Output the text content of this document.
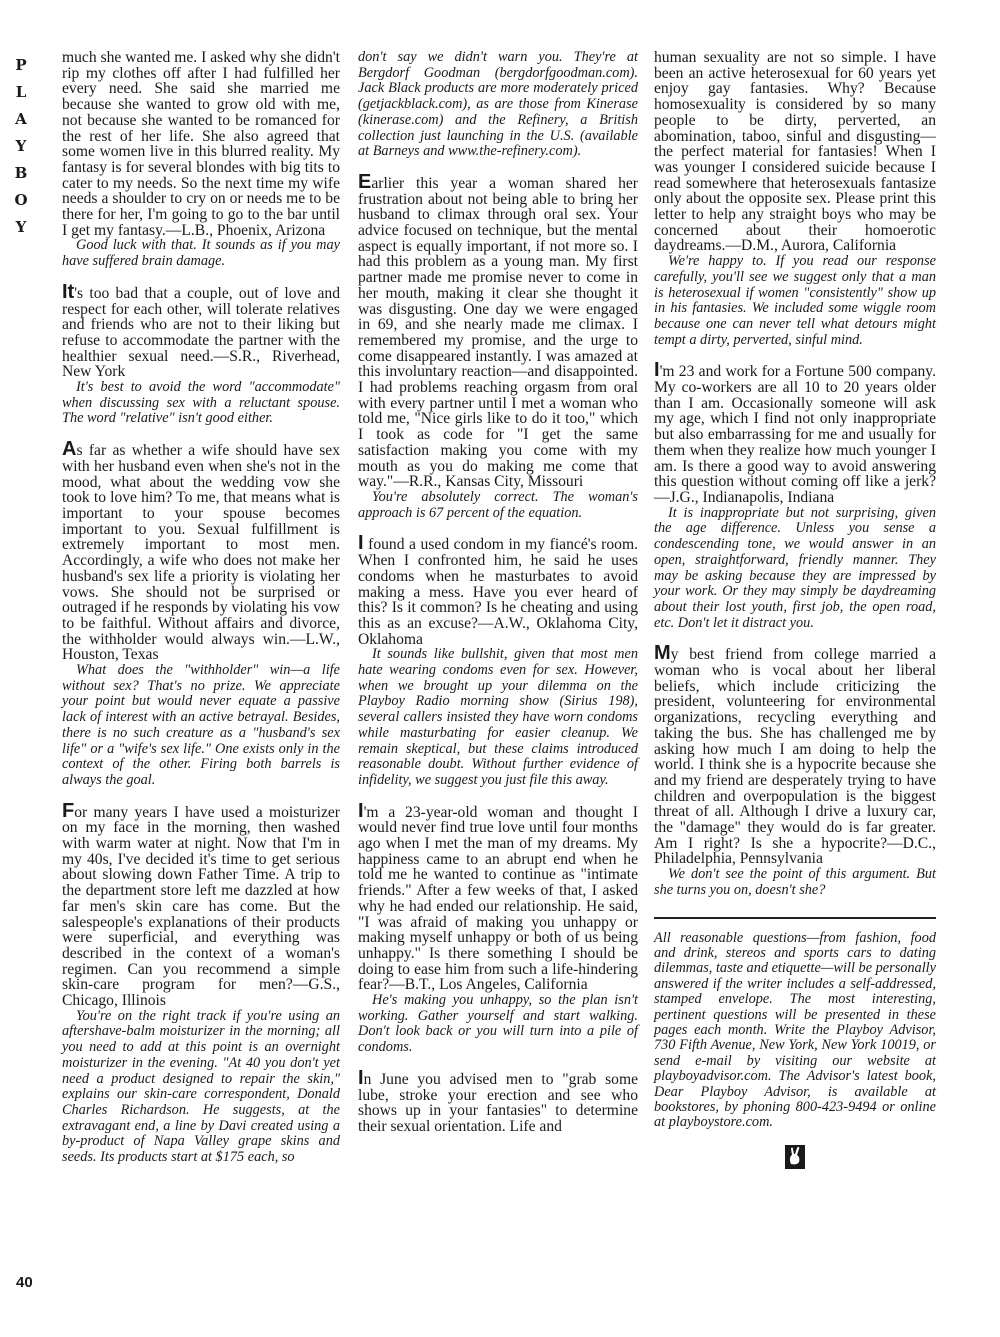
P
L
A
Y
B
O
Y
40

much she wanted me. I asked why she didn't rip my clothes off after I had fulfilled her every need. She said she married me because she wanted to grow old with me, not because she wanted to be romanced for the rest of her life. She also agreed that some women live in this blurred reality. My fantasy is for several blondes with big tits to cater to my needs. So the next time my wife needs a shoulder to cry on or needs me to be there for her, I'm going to go to the bar until I get my fantasy.—L.B., Phoenix, Arizona

Good luck with that. It sounds as if you may have suffered brain damage.

It's too bad that a couple, out of love and respect for each other, will tolerate relatives and friends who are not to their liking but refuse to accommodate the partner with the healthier sexual need.—S.R., Riverhead, New York

It's best to avoid the word "accommodate" when discussing sex with a reluctant spouse. The word "relative" isn't good either.

As far as whether a wife should have sex with her husband even when she's not in the mood, what about the wedding vow she took to love him? To me, that means what is important to your spouse becomes important to you. Sexual fulfillment is extremely important to most men. Accordingly, a wife who does not make her husband's sex life a priority is violating her vows. She should not be surprised or outraged if he responds by violating his vow to be faithful. Without affairs and divorce, the withholder would always win.—L.W., Houston, Texas

What does the "withholder" win—a life without sex? That's no prize. We appreciate your point but would never equate a passive lack of interest with an active betrayal. Besides, there is no such creature as a "husband's sex life" or a "wife's sex life." One exists only in the context of the other. Firing both barrels is always the goal.

For many years I have used a moisturizer on my face in the morning, then washed with warm water at night. Now that I'm in my 40s, I've decided it's time to get serious about slowing down Father Time. A trip to the department store left me dazzled at how far men's skin care has come. But the salespeople's explanations of their products were superficial, and everything was described in the context of a woman's regimen. Can you recommend a simple skin-care program for men?—G.S., Chicago, Illinois

You're on the right track if you're using an aftershave-balm moisturizer in the morning; all you need to add at this point is an overnight moisturizer in the evening. "At 40 you don't yet need a product designed to repair the skin," explains our skin-care correspondent, Donald Charles Richardson. He suggests, at the extravagant end, a line by Davi created using a by-product of Napa Valley grape skins and seeds. Its products start at $175 each, so

don't say we didn't warn you. They're at Bergdorf Goodman (bergdorfgoodman.com). Jack Black products are more moderately priced (getjackblack.com), as are those from Kinerase (kinerase.com) and the Refinery, a British collection just launching in the U.S. (available at Barneys and www.the-refinery.com).

Earlier this year a woman shared her frustration about not being able to bring her husband to climax through oral sex. Your advice focused on technique, but the mental aspect is equally important, if not more so. I had this problem as a young man. My first partner made me promise never to come in her mouth, making it clear she thought it was disgusting. One day we were engaged in 69, and she nearly made me climax. I remembered my promise, and the urge to come disappeared instantly. I was amazed at this involuntary reaction—and disappointed. I had problems reaching orgasm from oral with every partner until I met a woman who told me, "Nice girls like to do it too," which I took as code for "I get the same satisfaction making you come with my mouth as you do making me come that way."—R.R., Kansas City, Missouri

You're absolutely correct. The woman's approach is 67 percent of the equation.

I found a used condom in my fiancé's room. When I confronted him, he said he uses condoms when he masturbates to avoid making a mess. Have you ever heard of this? Is it common? Is he cheating and using this as an excuse?—A.W., Oklahoma City, Oklahoma

It sounds like bullshit, given that most men hate wearing condoms even for sex. However, when we brought up your dilemma on the Playboy Radio morning show (Sirius 198), several callers insisted they have worn condoms while masturbating for easier cleanup. We remain skeptical, but these claims introduced reasonable doubt. Without further evidence of infidelity, we suggest you just file this away.

I'm a 23-year-old woman and thought I would never find true love until four months ago when I met the man of my dreams. My happiness came to an abrupt end when he told me he wanted to continue as "intimate friends." After a few weeks of that, I asked why he had ended our relationship. He said, "I was afraid of making you unhappy or making myself unhappy or both of us being unhappy." Is there something I should be doing to ease him from such a life-hindering fear?—B.T., Los Angeles, California

He's making you unhappy, so the plan isn't working. Gather yourself and start walking. Don't look back or you will turn into a pile of condoms.

In June you advised men to "grab some lube, stroke your erection and see who shows up in your fantasies" to determine their sexual orientation. Life and

human sexuality are not so simple. I have been an active heterosexual for 60 years yet enjoy gay fantasies. Why? Because homosexuality is considered by so many people to be dirty, perverted, an abomination, taboo, sinful and disgusting—the perfect material for fantasies! When I was younger I considered suicide because I read somewhere that heterosexuals fantasize only about the opposite sex. Please print this letter to help any straight boys who may be concerned about their homoerotic daydreams.—D.M., Aurora, California

We're happy to. If you read our response carefully, you'll see we suggest only that a man is heterosexual if women "consistently" show up in his fantasies. We included some wiggle room because one can never tell what detours might tempt a dirty, perverted, sinful mind.

I'm 23 and work for a Fortune 500 company. My co-workers are all 10 to 20 years older than I am. Occasionally someone will ask my age, which I find not only inappropriate but also embarrassing for me and usually for them when they realize how much younger I am. Is there a good way to avoid answering this question without coming off like a jerk?—J.G., Indianapolis, Indiana

It is inappropriate but not surprising, given the age difference. Unless you sense a condescending tone, we would answer in an open, straightforward, friendly manner. They may be asking because they are impressed by your work. Or they may simply be daydreaming about their lost youth, first job, the open road, etc. Don't let it distract you.

My best friend from college married a woman who is vocal about her liberal beliefs, which include criticizing the president, volunteering for environmental organizations, recycling everything and taking the bus. She has challenged me by asking how much I am doing to help the world. I think she is a hypocrite because she and my friend are desperately trying to have children and overpopulation is the biggest threat of all. Although I drive a luxury car, the "damage" they would do is far greater. Am I right? Is she a hypocrite?—D.C., Philadelphia, Pennsylvania

We don't see the point of this argument. But she turns you on, doesn't she?

All reasonable questions—from fashion, food and drink, stereos and sports cars to dating dilemmas, taste and etiquette—will be personally answered if the writer includes a self-addressed, stamped envelope. The most interesting, pertinent questions will be presented in these pages each month. Write the Playboy Advisor, 730 Fifth Avenue, New York, New York 10019, or send e-mail by visiting our website at playboyadvisor.com. The Advisor's latest book, Dear Playboy Advisor, is available at bookstores, by phoning 800-423-9494 or online at playboystore.com.
